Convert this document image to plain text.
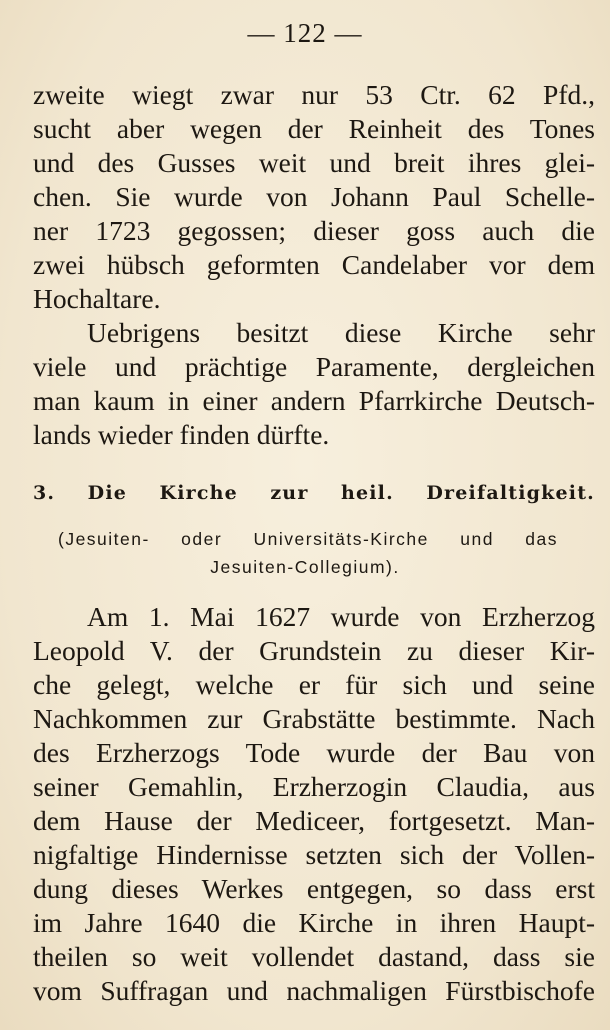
— 122 —
zweite wiegt zwar nur 53 Ctr. 62 Pfd.,
sucht aber wegen der Reinheit des Tones
und des Gusses weit und breit ihres glei-
chen. Sie wurde von Johann Paul Schelle-
ner 1723 gegossen; dieser goss auch die
zwei hübsch geformten Candelaber vor dem
Hochaltare.
Uebrigens besitzt diese Kirche sehr
viele und prächtige Paramente, dergleichen
man kaum in einer andern Pfarrkirche Deutsch-
lands wieder finden dürfte.
3. Die Kirche zur heil. Dreifaltigkeit.
(Jesuiten- oder Universitäts-Kirche und das
Jesuiten-Collegium).
Am 1. Mai 1627 wurde von Erzherzog
Leopold V. der Grundstein zu dieser Kir-
che gelegt, welche er für sich und seine
Nachkommen zur Grabstätte bestimmte. Nach
des Erzherzogs Tode wurde der Bau von
seiner Gemahlin, Erzherzogin Claudia, aus
dem Hause der Mediceer, fortgesetzt. Man-
nigfaltige Hindernisse setzten sich der Vollen-
dung dieses Werkes entgegen, so dass erst
im Jahre 1640 die Kirche in ihren Haupt-
theilen so weit vollendet dastand, dass sie
vom Suffragan und nachmaligen Fürstbischofe
